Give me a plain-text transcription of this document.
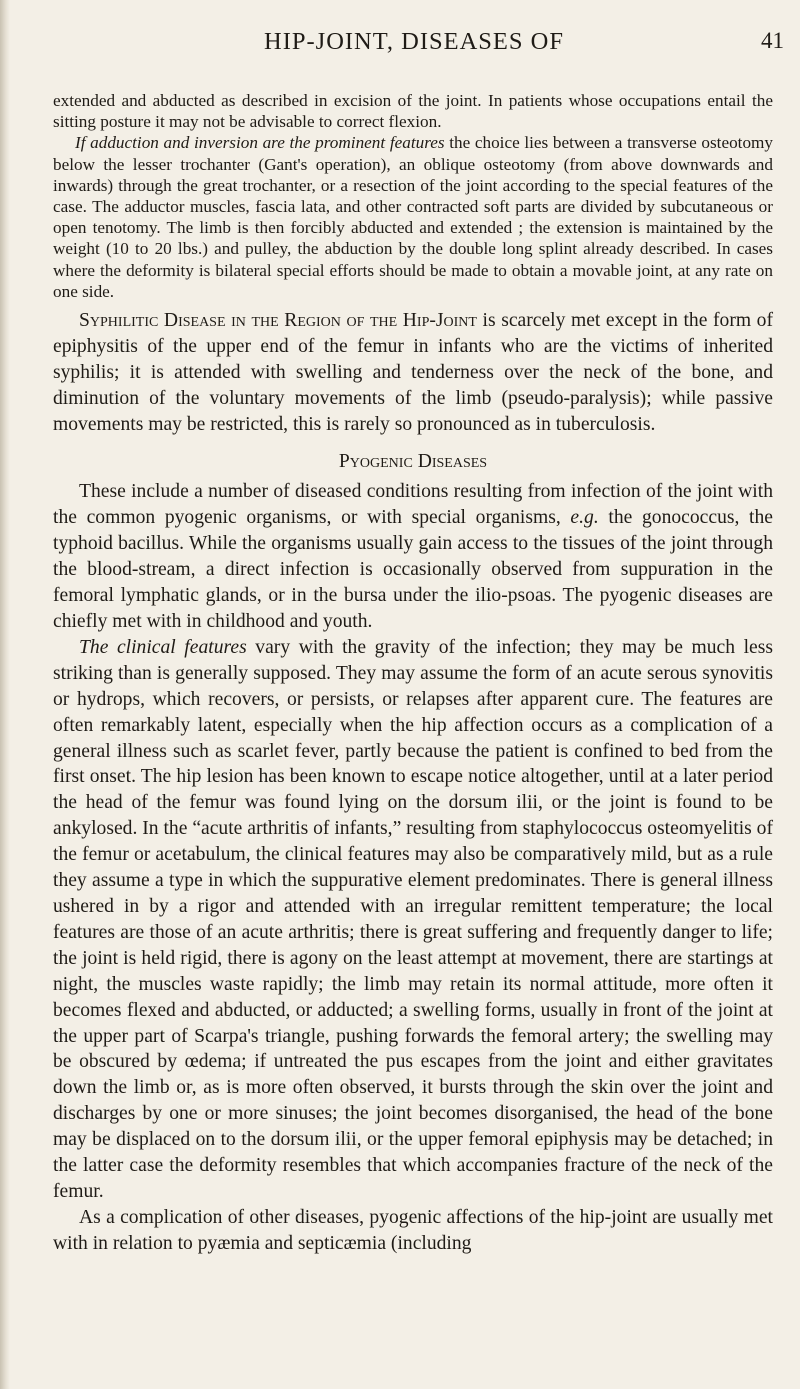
HIP-JOINT, DISEASES OF	41

extended and abducted as described in excision of the joint. In patients whose occupations entail the sitting posture it may not be advisable to correct flexion.

If adduction and inversion are the prominent features the choice lies between a transverse osteotomy below the lesser trochanter (Gant's operation), an oblique osteotomy (from above downwards and inwards) through the great trochanter, or a resection of the joint according to the special features of the case. The adductor muscles, fascia lata, and other contracted soft parts are divided by subcutaneous or open tenotomy. The limb is then forcibly abducted and extended ; the extension is maintained by the weight (10 to 20 lbs.) and pulley, the abduction by the double long splint already described. In cases where the deformity is bilateral special efforts should be made to obtain a movable joint, at any rate on one side.

Syphilitic Disease in the Region of the Hip-Joint is scarcely met except in the form of epiphysitis of the upper end of the femur in infants who are the victims of inherited syphilis; it is attended with swelling and tenderness over the neck of the bone, and diminution of the voluntary movements of the limb (pseudo-paralysis); while passive movements may be restricted, this is rarely so pronounced as in tuberculosis.

Pyogenic Diseases

These include a number of diseased conditions resulting from infection of the joint with the common pyogenic organisms, or with special organisms, e.g. the gonococcus, the typhoid bacillus. While the organisms usually gain access to the tissues of the joint through the blood-stream, a direct infection is occasionally observed from suppuration in the femoral lymphatic glands, or in the bursa under the ilio-psoas. The pyogenic diseases are chiefly met with in childhood and youth.

The clinical features vary with the gravity of the infection; they may be much less striking than is generally supposed. They may assume the form of an acute serous synovitis or hydrops, which recovers, or persists, or relapses after apparent cure. The features are often remarkably latent, especially when the hip affection occurs as a complication of a general illness such as scarlet fever, partly because the patient is confined to bed from the first onset. The hip lesion has been known to escape notice altogether, until at a later period the head of the femur was found lying on the dorsum ilii, or the joint is found to be ankylosed. In the “acute arthritis of infants,” resulting from staphylococcus osteomyelitis of the femur or acetabulum, the clinical features may also be comparatively mild, but as a rule they assume a type in which the suppurative element predominates. There is general illness ushered in by a rigor and attended with an irregular remittent temperature; the local features are those of an acute arthritis; there is great suffering and frequently danger to life; the joint is held rigid, there is agony on the least attempt at movement, there are startings at night, the muscles waste rapidly; the limb may retain its normal attitude, more often it becomes flexed and abducted, or adducted; a swelling forms, usually in front of the joint at the upper part of Scarpa's triangle, pushing forwards the femoral artery; the swelling may be obscured by œdema; if untreated the pus escapes from the joint and either gravitates down the limb or, as is more often observed, it bursts through the skin over the joint and discharges by one or more sinuses; the joint becomes disorganised, the head of the bone may be displaced on to the dorsum ilii, or the upper femoral epiphysis may be detached; in the latter case the deformity resembles that which accompanies fracture of the neck of the femur.

As a complication of other diseases, pyogenic affections of the hip-joint are usually met with in relation to pyæmia and septicæmia (including
